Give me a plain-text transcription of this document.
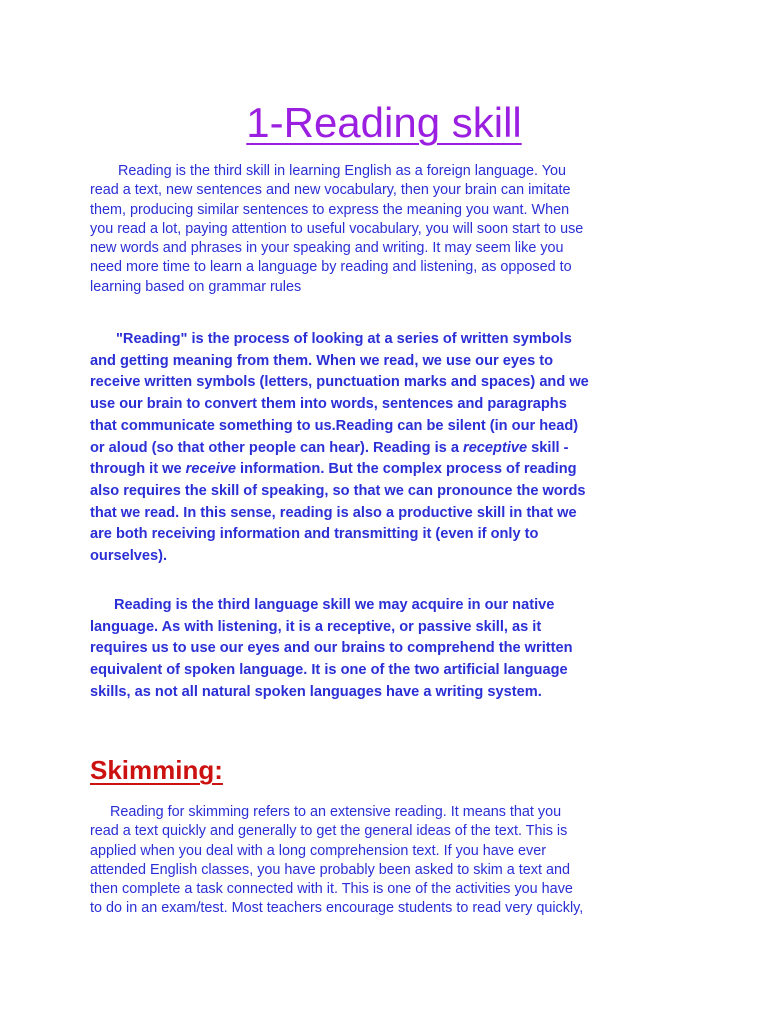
1-Reading skill

Reading is the third skill in learning English as a foreign language. You
read a text, new sentences and new vocabulary, then your brain can imitate
them, producing similar sentences to express the meaning you want. When
you read a lot, paying attention to useful vocabulary, you will soon start to use
new words and phrases in your speaking and writing. It may seem like you
need more time to learn a language by reading and listening, as opposed to
learning based on grammar rules

"Reading" is the process of looking at a series of written symbols
and getting meaning from them. When we read, we use our eyes to
receive written symbols (letters, punctuation marks and spaces) and we
use our brain to convert them into words, sentences and paragraphs
that communicate something to us.Reading can be silent (in our head)
or aloud (so that other people can hear). Reading is a receptive skill -
through it we receive information. But the complex process of reading
also requires the skill of speaking, so that we can pronounce the words
that we read. In this sense, reading is also a productive skill in that we
are both receiving information and transmitting it (even if only to
ourselves).

Reading is the third language skill we may acquire in our native
language. As with listening, it is a receptive, or passive skill, as it
requires us to use our eyes and our brains to comprehend the written
equivalent of spoken language. It is one of the two artificial language
skills, as not all natural spoken languages have a writing system.

Skimming:

Reading for skimming refers to an extensive reading. It means that you
read a text quickly and generally to get the general ideas of the text. This is
applied when you deal with a long comprehension text. If you have ever
attended English classes, you have probably been asked to skim a text and
then complete a task connected with it. This is one of the activities you have
to do in an exam/test. Most teachers encourage students to read very quickly,
